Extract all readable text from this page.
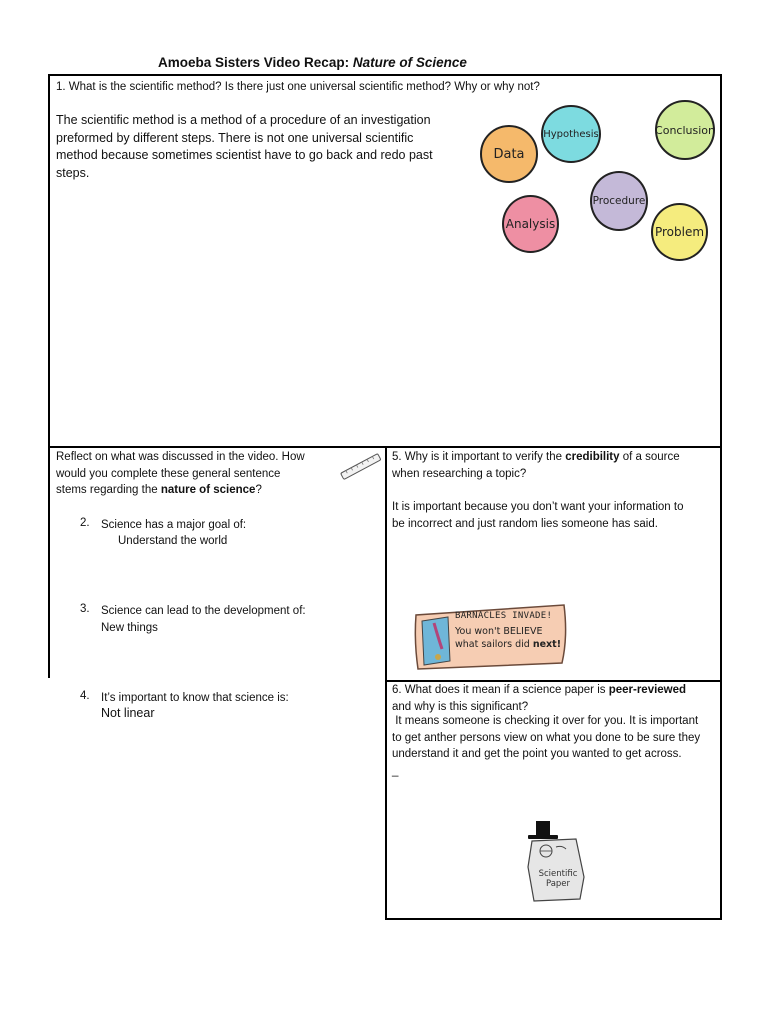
Amoeba Sisters Video Recap: Nature of Science
1. What is the scientific method? Is there just one universal scientific method? Why or why not?
The scientific method is a method of a procedure of an investigation
preformed by different steps. There is not one universal scientific
method because sometimes scientist have to go back and redo past
steps.
Data
Hypothesis	Conclusion
Procedure
Analysis
Problem
Reflect on what was discussed in the video. How
would you complete these general sentence
stems regarding the nature of science?
2. Science has a major goal of:
Understand the world
3. Science can lead to the development of:
New things
4. It’s important to know that science is:
Not linear
5. Why is it important to verify the credibility of a source
when researching a topic?
It is important because you don’t want your information to
be incorrect and just random lies someone has said.
BARNACLES INVADE!
You won't BELIEVE
what sailors did next!
6. What does it mean if a science paper is peer-reviewed
and why is this significant?
It means someone is checking it over for you. It is important
to get anther persons view on what you done to be sure they
understand it and get the point you wanted to get across.
_
Scientific
Paper
